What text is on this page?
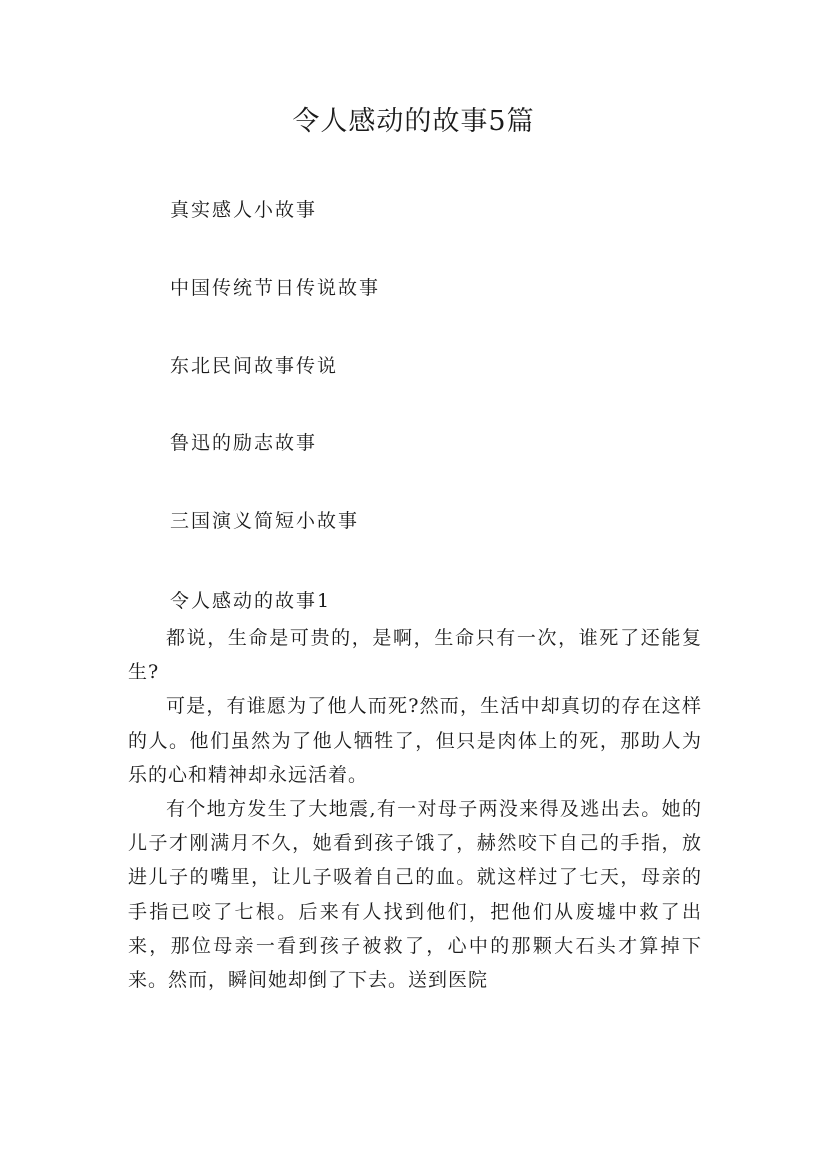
令人感动的故事5篇
真实感人小故事
中国传统节日传说故事
东北民间故事传说
鲁迅的励志故事
三国演义简短小故事
令人感动的故事1

都说，生命是可贵的，是啊，生命只有一次，谁死了还能复生?

可是，有谁愿为了他人而死?然而，生活中却真切的存在这样的人。他们虽然为了他人牺牲了，但只是肉体上的死，那助人为乐的心和精神却永远活着。

有个地方发生了大地震,有一对母子两没来得及逃出去。她的儿子才刚满月不久，她看到孩子饿了，赫然咬下自己的手指，放进儿子的嘴里，让儿子吸着自己的血。就这样过了七天，母亲的手指已咬了七根。后来有人找到他们，把他们从废墟中救了出来，那位母亲一看到孩子被救了，心中的那颗大石头才算掉下来。然而，瞬间她却倒了下去。送到医院
